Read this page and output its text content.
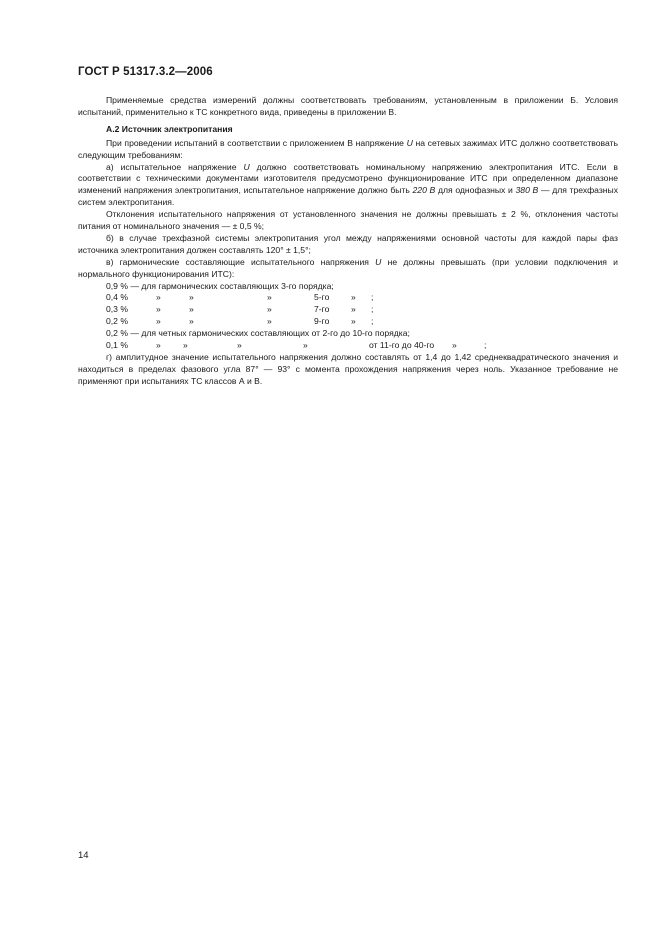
ГОСТ Р 51317.3.2—2006

Применяемые средства измерений должны соответствовать требованиям, установленным в приложении Б. Условия испытаний, применительно к ТС конкретного вида, приведены в приложении В.

А.2 Источник электропитания

При проведении испытаний в соответствии с приложением В напряжение U на сетевых зажимах ИТС должно соответствовать следующим требованиям:

а) испытательное напряжение U должно соответствовать номинальному напряжению электропитания ИТС. Если в соответствии с техническими документами изготовителя предусмотрено функционирование ИТС при определенном диапазоне изменений напряжения электропитания, испытательное напряжение должно быть 220 В для однофазных и 380 В — для трехфазных систем электропитания.

Отклонения испытательного напряжения от установленного значения не должны превышать ± 2 %, отклонения частоты питания от номинального значения — ± 0,5 %;

б) в случае трехфазной системы электропитания угол между напряжениями основной частоты для каждой пары фаз источника электропитания должен составлять 120° ± 1,5°;

в) гармонические составляющие испытательного напряжения U не должны превышать (при условии подключения и нормального функционирования ИТС):

0,9 % — для гармонических составляющих 3-го порядка;
0,4 %	»	»	»	5-го	»	;
0,3 %	»	»	»	7-го	»	;
0,2 %	»	»	»	9-го	»	;
0,2 % — для четных гармонических составляющих от 2-го до 10-го порядка;
0,1 %	»	»	»	»	от 11-го до 40-го	»	;

г) амплитудное значение испытательного напряжения должно составлять от 1,4 до 1,42 среднеквадратического значения и находиться в пределах фазового угла 87° — 93° с момента прохождения напряжения через ноль. Указанное требование не применяют при испытаниях ТС классов А и В.

14
